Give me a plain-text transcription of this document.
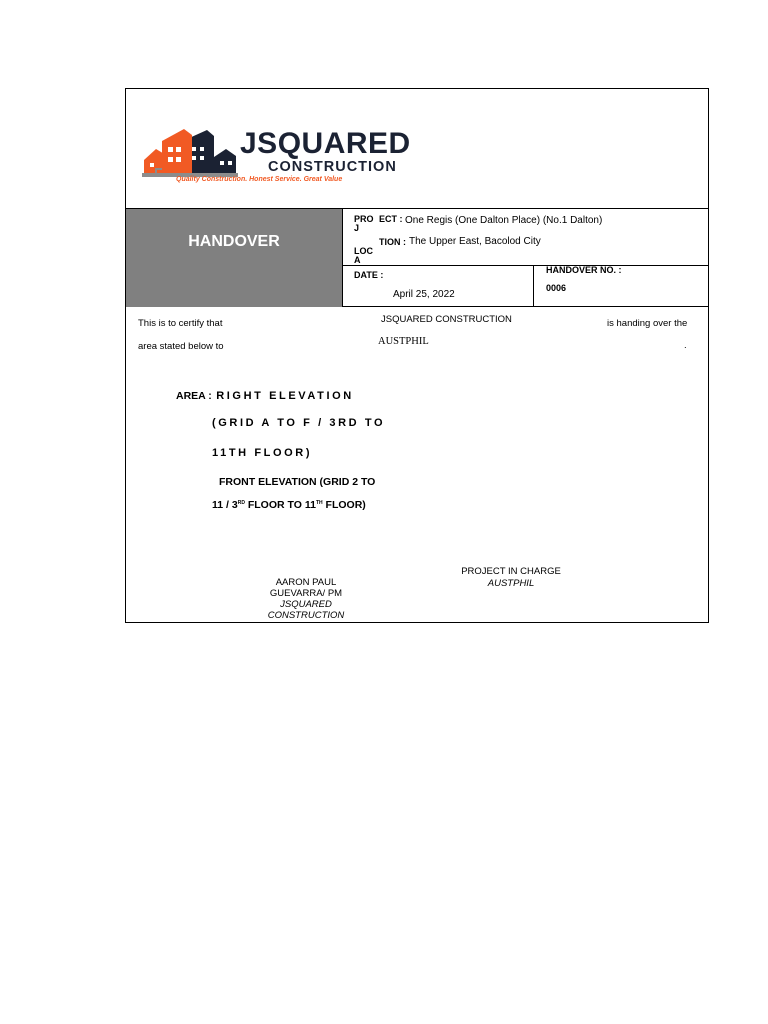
JSQUARED
CONSTRUCTION
Quality Construction. Honest Service. Great Value
HANDOVER
PRO
J
ECT : One Regis (One Dalton Place) (No.1 Dalton)
LOC
A
TION : The Upper East, Bacolod City
DATE :
April 25, 2022
HANDOVER NO. :
0006
This is to certify that	JSQUARED CONSTRUCTION	is handing over the
area stated below to	AUSTPHIL	.
AREA : RIGHT ELEVATION
(GRID A TO F / 3RD TO
11TH FLOOR)
FRONT ELEVATION (GRID 2 TO
11 / 3RD FLOOR TO 11TH FLOOR)
AARON PAUL
GUEVARRA/ PM
JSQUARED
CONSTRUCTION
PROJECT IN CHARGE
AUSTPHIL
